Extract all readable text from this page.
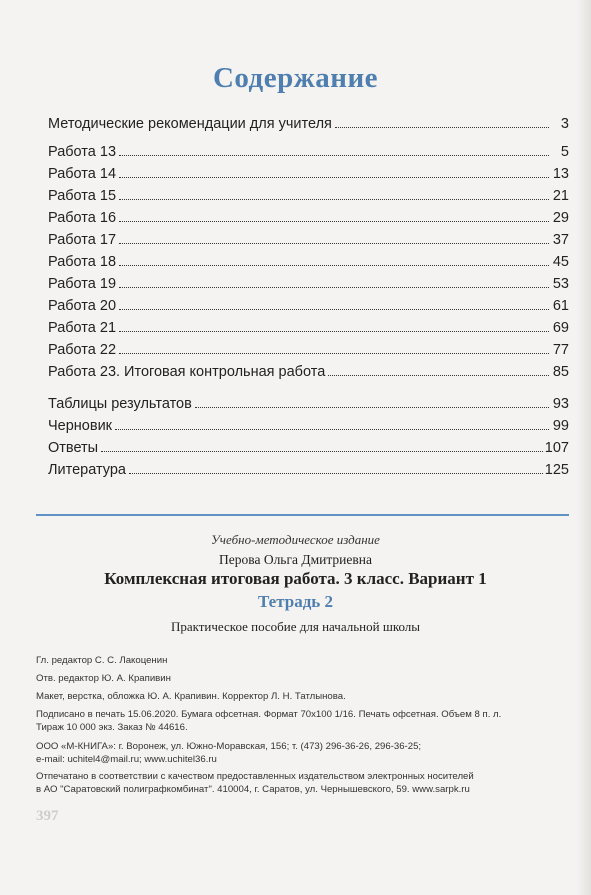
Содержание
Методические рекомендации для учителя	3
Работа 13	5
Работа 14	13
Работа 15	21
Работа 16	29
Работа 17	37
Работа 18	45
Работа 19	53
Работа 20	61
Работа 21	69
Работа 22	77
Работа 23. Итоговая контрольная работа	85
Таблицы результатов	93
Черновик	99
Ответы	107
Литература	125
Учебно-методическое издание
Перова Ольга Дмитриевна
Комплексная итоговая работа. 3 класс. Вариант 1
Тетрадь 2
Практическое пособие для начальной школы
Гл. редактор С. С. Лакоценин
Отв. редактор Ю. А. Крапивин
Макет, верстка, обложка Ю. А. Крапивин. Корректор Л. Н. Татлынова.
Подписано в печать 15.06.2020. Бумага офсетная. Формат 70х100 1/16. Печать офсетная. Объем 8 п. л.
Тираж 10 000 экз. Заказ № 44616.
ООО «М-КНИГА»: г. Воронеж, ул. Южно-Моравская, 156; т. (473) 296-36-26, 296-36-25;
e-mail: uchitel4@mail.ru; www.uchitel36.ru
Отпечатано в соответствии с качеством предоставленных издательством электронных носителей
в АО "Саратовский полиграфкомбинат". 410004, г. Саратов, ул. Чернышевского, 59. www.sarpk.ru
397
